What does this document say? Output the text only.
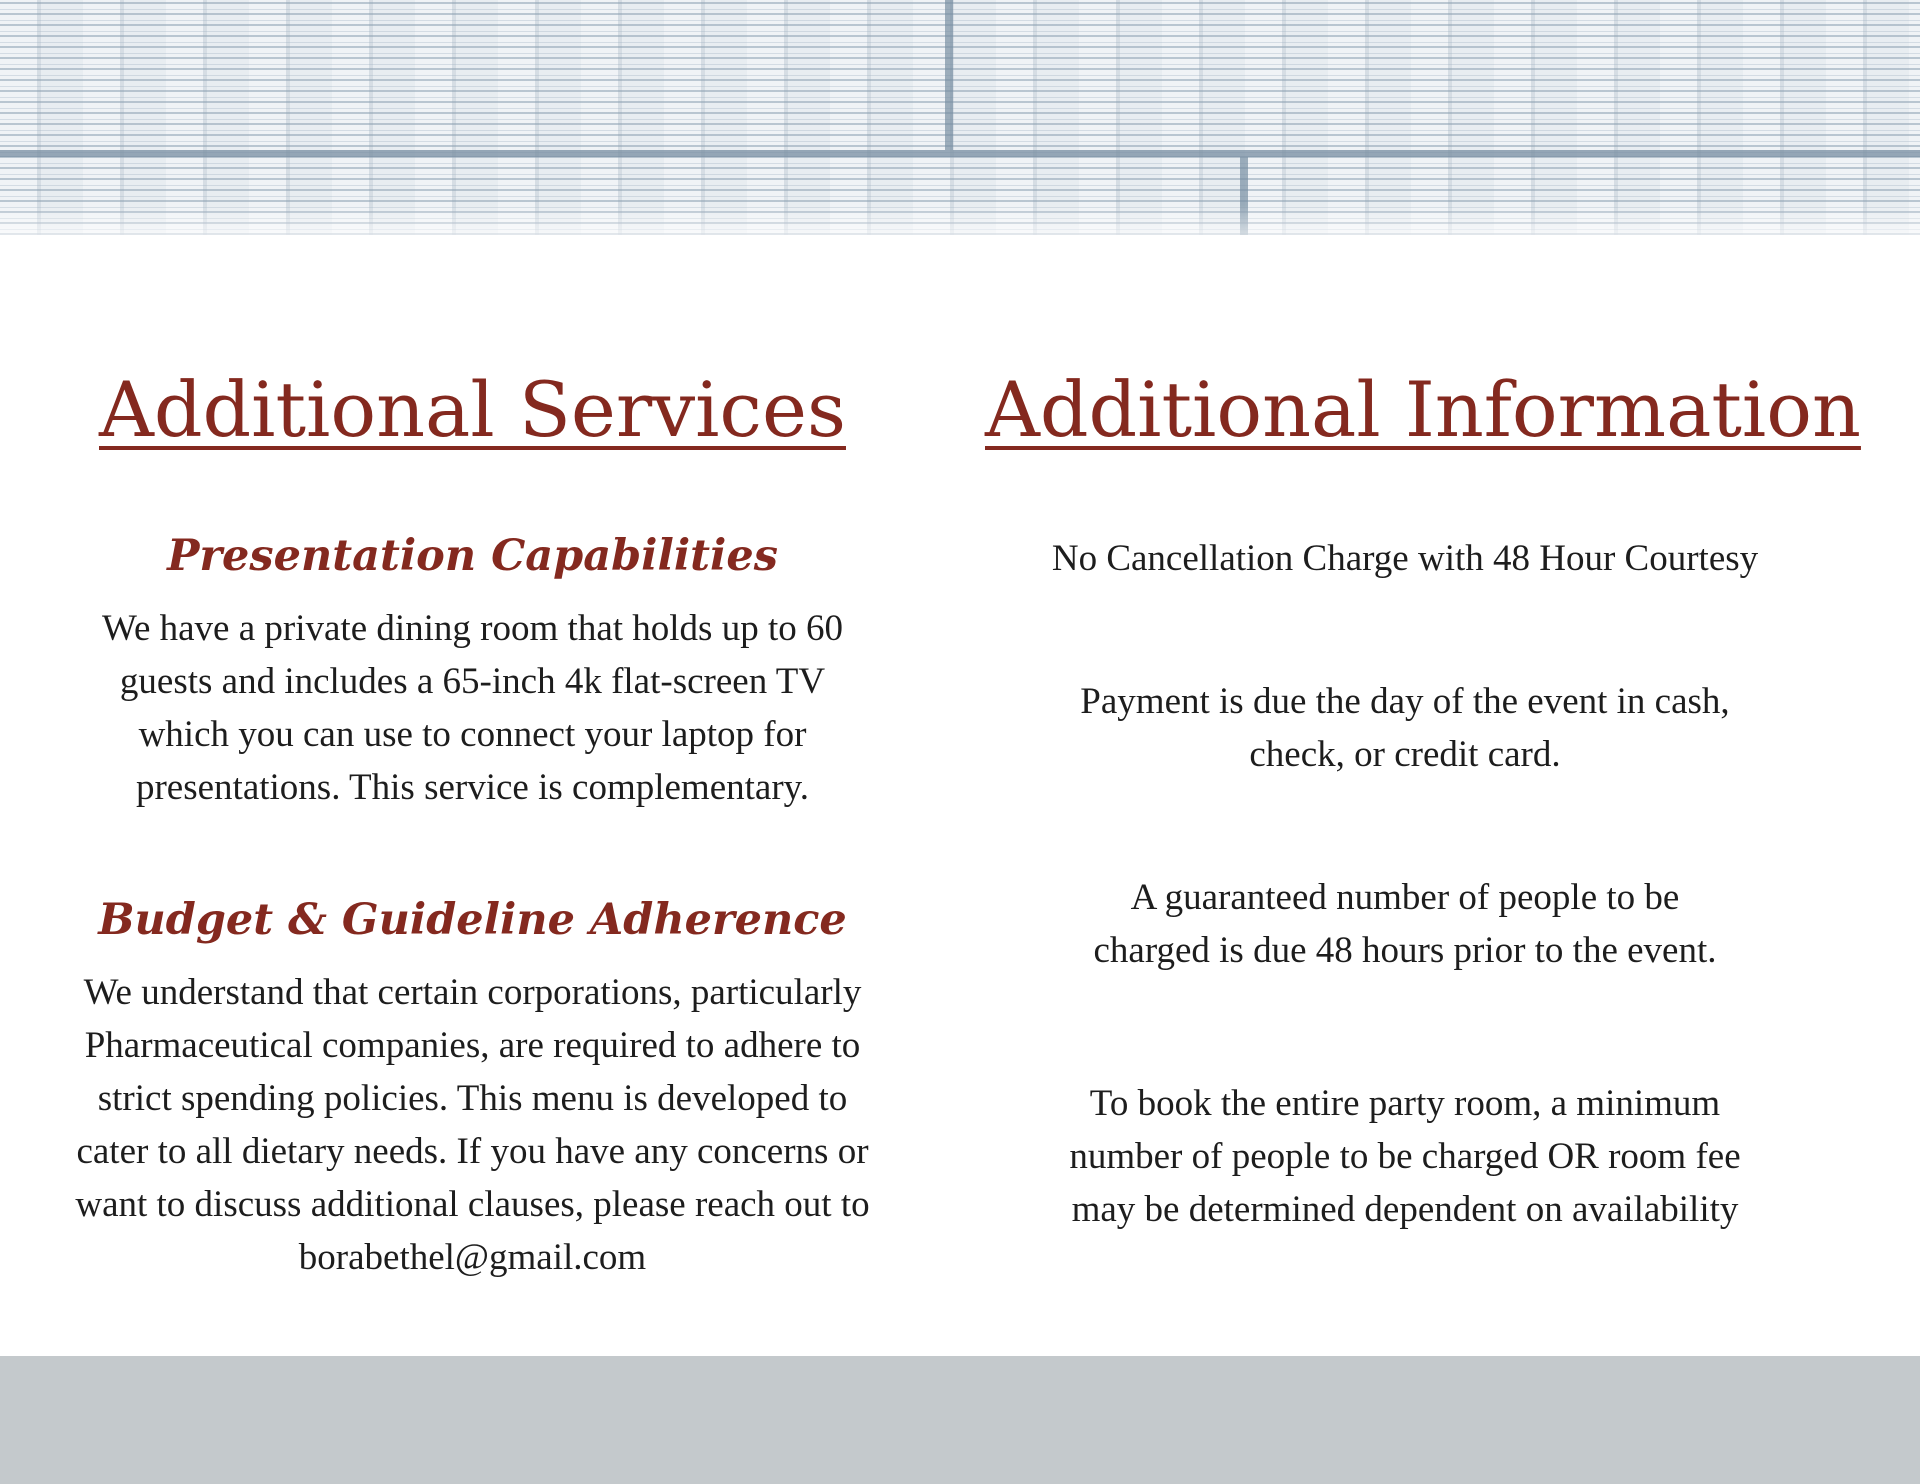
Additional Services
Presentation Capabilities

We have a private dining room that holds up to 60
guests and includes a 65-inch 4k flat-screen TV
which you can use to connect your laptop for
presentations. This service is complementary.

Budget & Guideline Adherence

We understand that certain corporations, particularly
Pharmaceutical companies, are required to adhere to
strict spending policies. This menu is developed to
cater to all dietary needs. If you have any concerns or
want to discuss additional clauses, please reach out to
borabethel@gmail.com

Additional Information

No Cancellation Charge with 48 Hour Courtesy

Payment is due the day of the event in cash,
check, or credit card.

A guaranteed number of people to be
charged is due 48 hours prior to the event.

To book the entire party room, a minimum
number of people to be charged OR room fee
may be determined dependent on availability
